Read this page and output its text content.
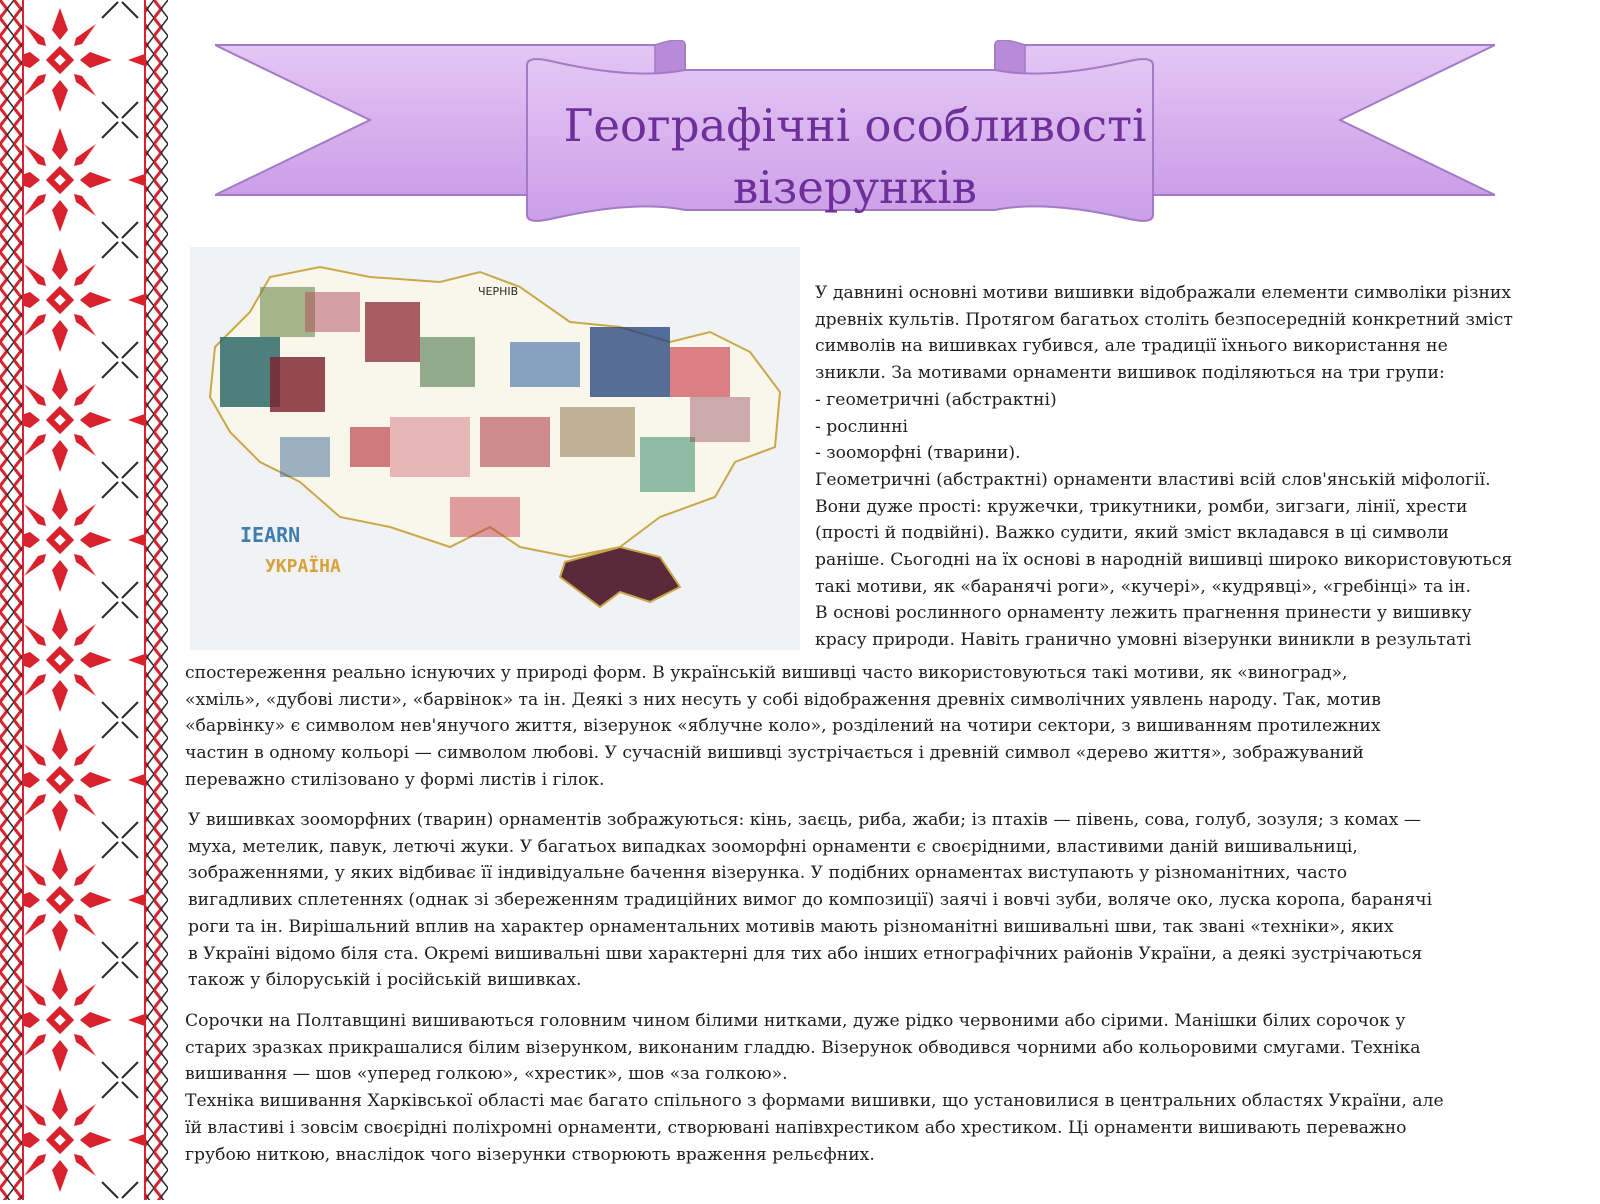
Географічні особливості
візерунків
ЧЕРНІВ
IEARN
УКРАЇНА

У давнині основні мотиви вишивки відображали елементи символіки різних

древніх культів. Протягом багатьох століть безпосередній конкретний зміст

символів на вишивках губився, але традиції їхнього використання не

зникли. За мотивами орнаменти вишивок поділяються на три групи:

- геометричні (абстрактні)

- рослинні

- зооморфні (тварини).

Геометричні (абстрактні) орнаменти властиві всій слов'янській міфології.

Вони дуже прості: кружечки, трикутники, ромби, зигзаги, лінії, хрести

(прості й подвійні). Важко судити, який зміст вкладався в ці символи

раніше. Сьогодні на їх основі в народній вишивці широко використовуються

такі мотиви, як «баранячі роги», «кучері», «кудрявці», «гребінці» та ін.

В основі рослинного орнаменту лежить прагнення принести у вишивку

красу природи. Навіть гранично умовні візерунки виникли в результаті

спостереження реально існуючих у природі форм. В українській вишивці часто використовуються такі мотиви, як «виноград»,

«хміль», «дубові листи», «барвінок» та ін. Деякі з них несуть у собі відображення древніх символічних уявлень народу. Так, мотив

«барвінку» є символом нев'янучого життя, візерунок «яблучне коло», розділений на чотири сектори, з вишиванням протилежних

частин в одному кольорі — символом любові. У сучасній вишивці зустрічається і древній символ «дерево життя», зображуваний

переважно стилізовано у формі листів і гілок.

У вишивках зооморфних (тварин) орнаментів зображуються: кінь, заєць, риба, жаби; із птахів — півень, сова, голуб, зозуля; з комах —

муха, метелик, павук, летючі жуки. У багатьох випадках зооморфні орнаменти є своєрідними, властивими даній вишивальниці,

зображеннями, у яких відбиває її індивідуальне бачення візерунка. У подібних орнаментах виступають у різноманітних, часто

вигадливих сплетеннях (однак зі збереженням традиційних вимог до композиції) заячі і вовчі зуби, воляче око, луска коропа, баранячі

роги та ін. Вирішальний вплив на характер орнаментальних мотивів мають різноманітні вишивальні шви, так звані «техніки», яких

в Україні відомо біля ста. Окремі вишивальні шви характерні для тих або інших етнографічних районів України, а деякі зустрічаються

також у білоруській і російській вишивках.

Сорочки на Полтавщині вишиваються головним чином білими нитками, дуже рідко червоними або сірими. Манішки білих сорочок у

старих зразках прикрашалися білим візерунком, виконаним гладдю. Візерунок обводився чорними або кольоровими смугами. Техніка

вишивання — шов «уперед голкою», «хрестик», шов «за голкою».

Техніка вишивання Харківської області має багато спільного з формами вишивки, що установилися в центральних областях України, але

їй властиві і зовсім своєрідні поліхромні орнаменти, створювані напівхрестиком або хрестиком. Ці орнаменти вишивають переважно

грубою ниткою, внаслідок чого візерунки створюють враження рельєфних.
